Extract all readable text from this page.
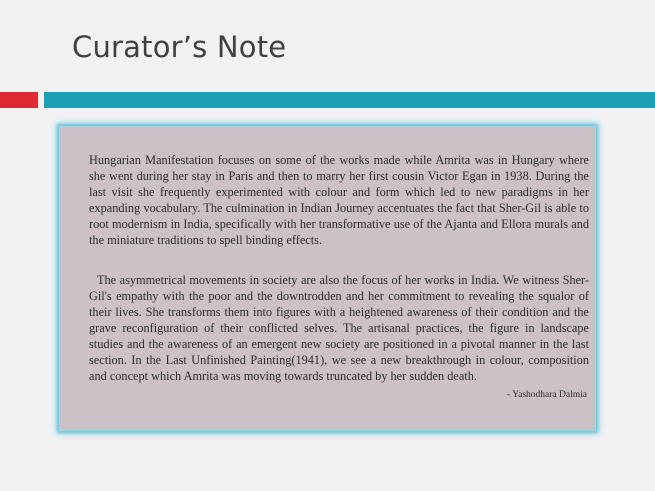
Curator’s Note

Hungarian Manifestation focuses on some of the works made while Amrita was in Hungary where she went during her stay in Paris and then to marry her first cousin Victor Egan in 1938. During the last visit she frequently experimented with colour and form which led to new paradigms in her expanding vocabulary. The culmination in Indian Journey accentuates the fact that Sher-Gil is able to root modernism in India, specifically with her transformative use of the Ajanta and Ellora murals and the miniature traditions to spell binding effects.

The asymmetrical movements in society are also the focus of her works in India. We witness Sher-Gil's empathy with the poor and the downtrodden and her commitment to revealing the squalor of their lives. She transforms them into figures with a heightened awareness of their condition and the grave reconfiguration of their conflicted selves. The artisanal practices, the figure in landscape studies and the awareness of an emergent new society are positioned in a pivotal manner in the last section. In the Last Unfinished Painting(1941), we see a new breakthrough in colour, composition and concept which Amrita was moving towards truncated by her sudden death.

- Yashodhara Dalmia
